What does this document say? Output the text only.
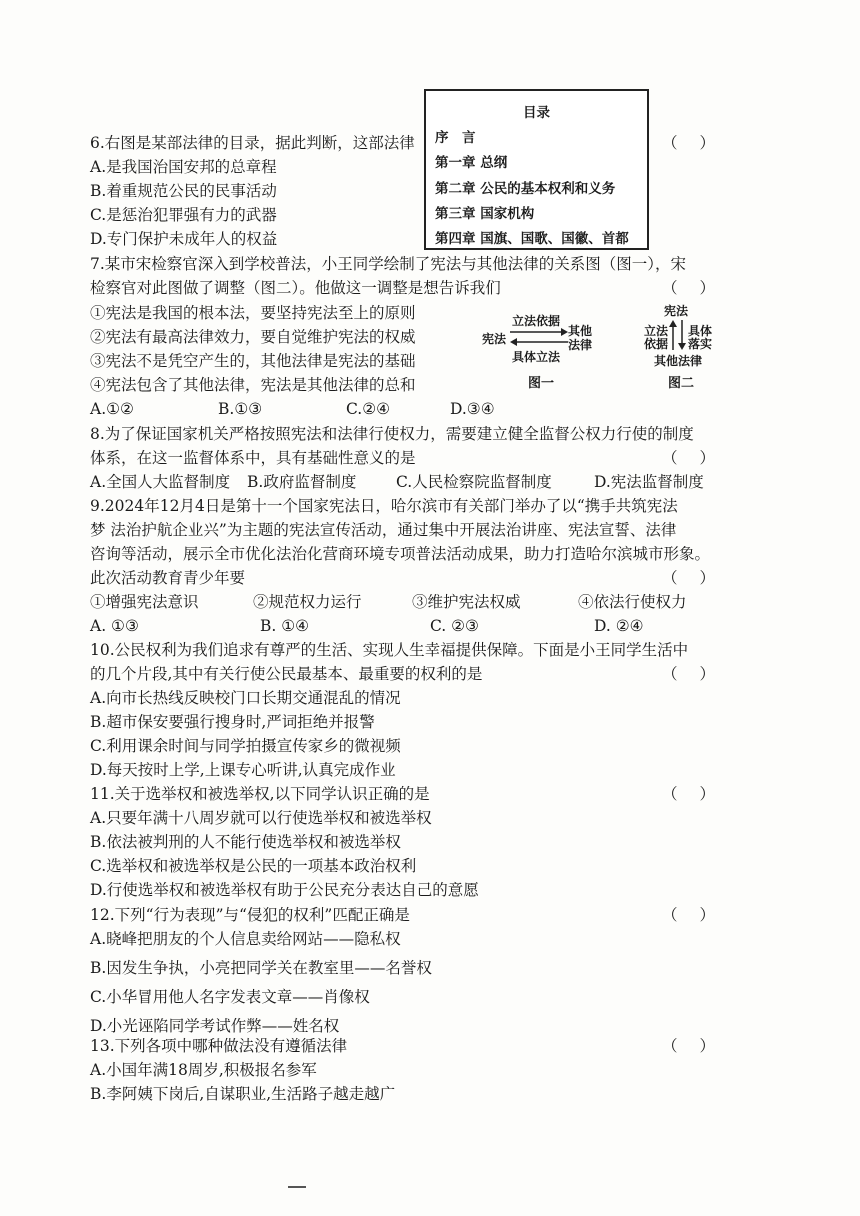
目录
序　言
第一章 总纲
第二章 公民的基本权利和义务
第三章 国家机构
第四章 国旗、国歌、国徽、首都
6.右图是某部法律的目录，据此判断，这部法律	（）
A.是我国治国安邦的总章程
B.着重规范公民的民事活动
C.是惩治犯罪强有力的武器
D.专门保护未成年人的权益
7.某市宋检察官深入到学校普法，小王同学绘制了宪法与其他法律的关系图（图一），宋
检察官对此图做了调整（图二）。他做这一调整是想告诉我们	（）
①宪法是我国的根本法，要坚持宪法至上的原则
②宪法有最高法律效力，要自觉维护宪法的权威
③宪法不是凭空产生的，其他法律是宪法的基础
④宪法包含了其他法律，宪法是其他法律的总和
A.①②	B.①③	C.②④	D.③④
立法依据
宪法
其他
法律
具体立法
图一
宪法
立法
依据
具体
落实
其他法律
图二
8.为了保证国家机关严格按照宪法和法律行使权力，需要建立健全监督公权力行使的制度
体系，在这一监督体系中，具有基础性意义的是	（）
A.全国人大监督制度 B.政府监督制度	C.人民检察院监督制度	D.宪法监督制度
9.2024年12月4日是第十一个国家宪法日，哈尔滨市有关部门举办了以“携手共筑宪法
梦 法治护航企业兴”为主题的宪法宣传活动，通过集中开展法治讲座、宪法宣誓、法律
咨询等活动，展示全市优化法治化营商环境专项普法活动成果，助力打造哈尔滨城市形象。
此次活动教育青少年要	（）
①增强宪法意识	②规范权力运行	③维护宪法权威	④依法行使权力
A. ①③	B. ①④	C. ②③	D. ②④
10.公民权利为我们追求有尊严的生活、实现人生幸福提供保障。下面是小王同学生活中
的几个片段,其中有关行使公民最基本、最重要的权利的是	（）
A.向市长热线反映校门口长期交通混乱的情况
B.超市保安要强行搜身时,严词拒绝并报警
C.利用课余时间与同学拍摄宣传家乡的微视频
D.每天按时上学,上课专心听讲,认真完成作业
11.关于选举权和被选举权,以下同学认识正确的是	（）
A.只要年满十八周岁就可以行使选举权和被选举权
B.依法被判刑的人不能行使选举权和被选举权
C.选举权和被选举权是公民的一项基本政治权利
D.行使选举权和被选举权有助于公民充分表达自己的意愿
12.下列“行为表现”与“侵犯的权利”匹配正确是	（）
A.晓峰把朋友的个人信息卖给网站——隐私权
B.因发生争执，小亮把同学关在教室里——名誉权
C.小华冒用他人名字发表文章——肖像权
D.小光诬陷同学考试作弊——姓名权
13.下列各项中哪种做法没有遵循法律	（）
A.小国年满18周岁,积极报名参军
B.李阿姨下岗后,自谋职业,生活路子越走越广
